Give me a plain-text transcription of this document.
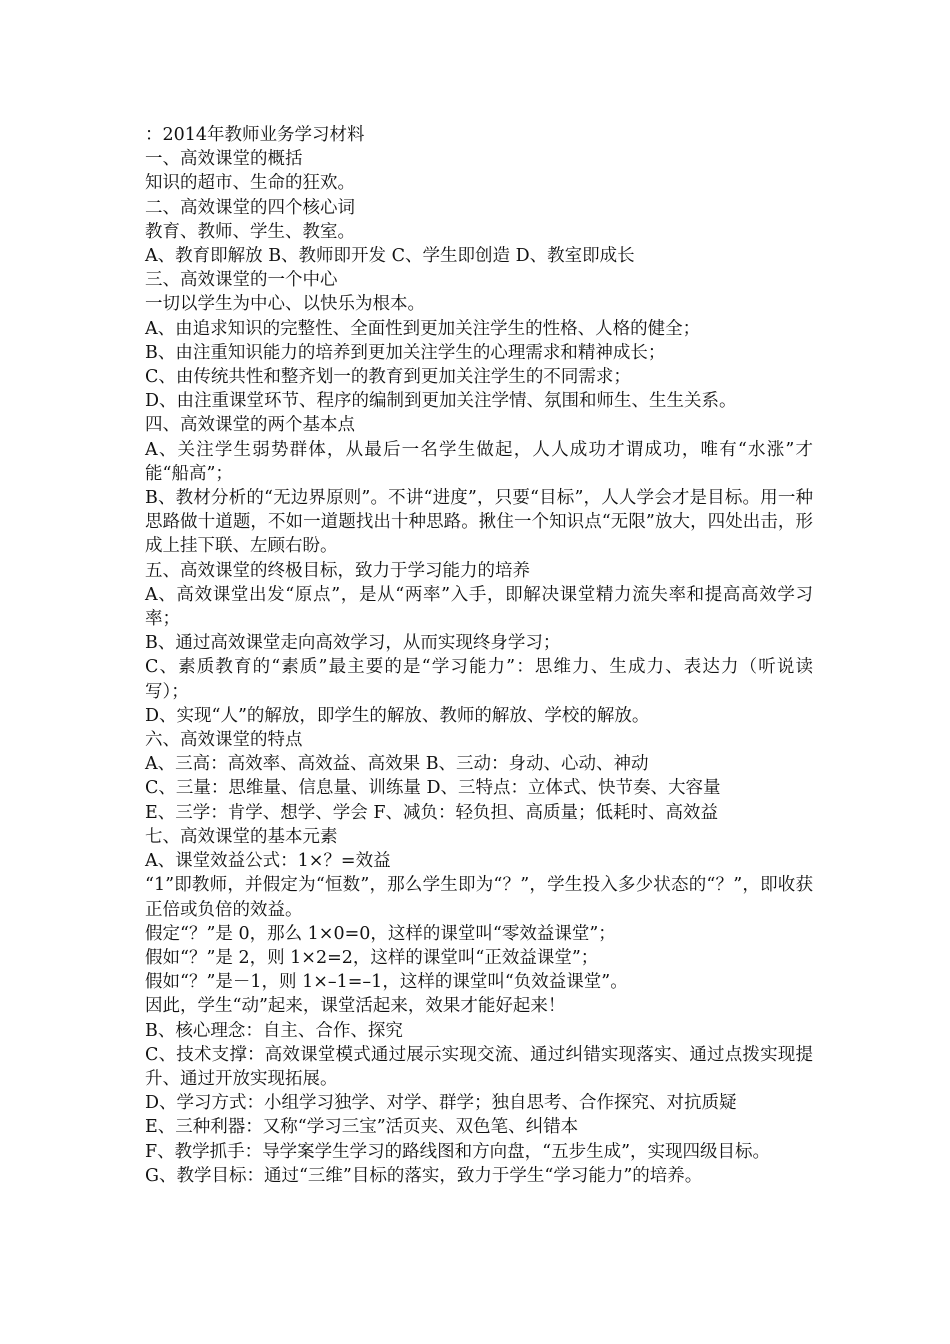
：2014年教师业务学习材料
一、高效课堂的概括
知识的超市、生命的狂欢。
二、高效课堂的四个核心词
教育、教师、学生、教室。
A、教育即解放 B、教师即开发 C、学生即创造 D、教室即成长
三、高效课堂的一个中心
一切以学生为中心、以快乐为根本。
A、由追求知识的完整性、全面性到更加关注学生的性格、人格的健全；
B、由注重知识能力的培养到更加关注学生的心理需求和精神成长；
C、由传统共性和整齐划一的教育到更加关注学生的不同需求；
D、由注重课堂环节、程序的编制到更加关注学情、氛围和师生、生生关系。
四、高效课堂的两个基本点
A、关注学生弱势群体，从最后一名学生做起，人人成功才谓成功，唯有“水涨”才能“船高”；
B、教材分析的“无边界原则”。不讲“进度”，只要“目标”，人人学会才是目标。用一种思路做十道题，不如一道题找出十种思路。揪住一个知识点“无限”放大，四处出击，形成上挂下联、左顾右盼。
五、高效课堂的终极目标，致力于学习能力的培养
A、高效课堂出发“原点”，是从“两率”入手，即解决课堂精力流失率和提高高效学习率；
B、通过高效课堂走向高效学习，从而实现终身学习；
C、素质教育的“素质”最主要的是“学习能力”：思维力、生成力、表达力（听说读写）；
D、实现“人”的解放，即学生的解放、教师的解放、学校的解放。
六、高效课堂的特点
A、三高：高效率、高效益、高效果 B、三动：身动、心动、神动
C、三量：思维量、信息量、训练量 D、三特点：立体式、快节奏、大容量
E、三学：肯学、想学、学会 F、减负：轻负担、高质量；低耗时、高效益
七、高效课堂的基本元素
A、课堂效益公式：1×？=效益
“1”即教师，并假定为“恒数”，那么学生即为“？”，学生投入多少状态的“？”，即收获正倍或负倍的效益。
假定“？”是 0，那么 1×0=0，这样的课堂叫“零效益课堂”；
假如“？”是 2，则 1×2=2，这样的课堂叫“正效益课堂”；
假如“？”是－1，则 1×–1=–1，这样的课堂叫“负效益课堂”。
因此，学生“动”起来，课堂活起来，效果才能好起来！
B、核心理念：自主、合作、探究
C、技术支撑：高效课堂模式通过展示实现交流、通过纠错实现落实、通过点拨实现提升、通过开放实现拓展。
D、学习方式：小组学习独学、对学、群学；独自思考、合作探究、对抗质疑
E、三种利器：又称“学习三宝”活页夹、双色笔、纠错本
F、教学抓手：导学案学生学习的路线图和方向盘，“五步生成”，实现四级目标。
G、教学目标：通过“三维”目标的落实，致力于学生“学习能力”的培养。
